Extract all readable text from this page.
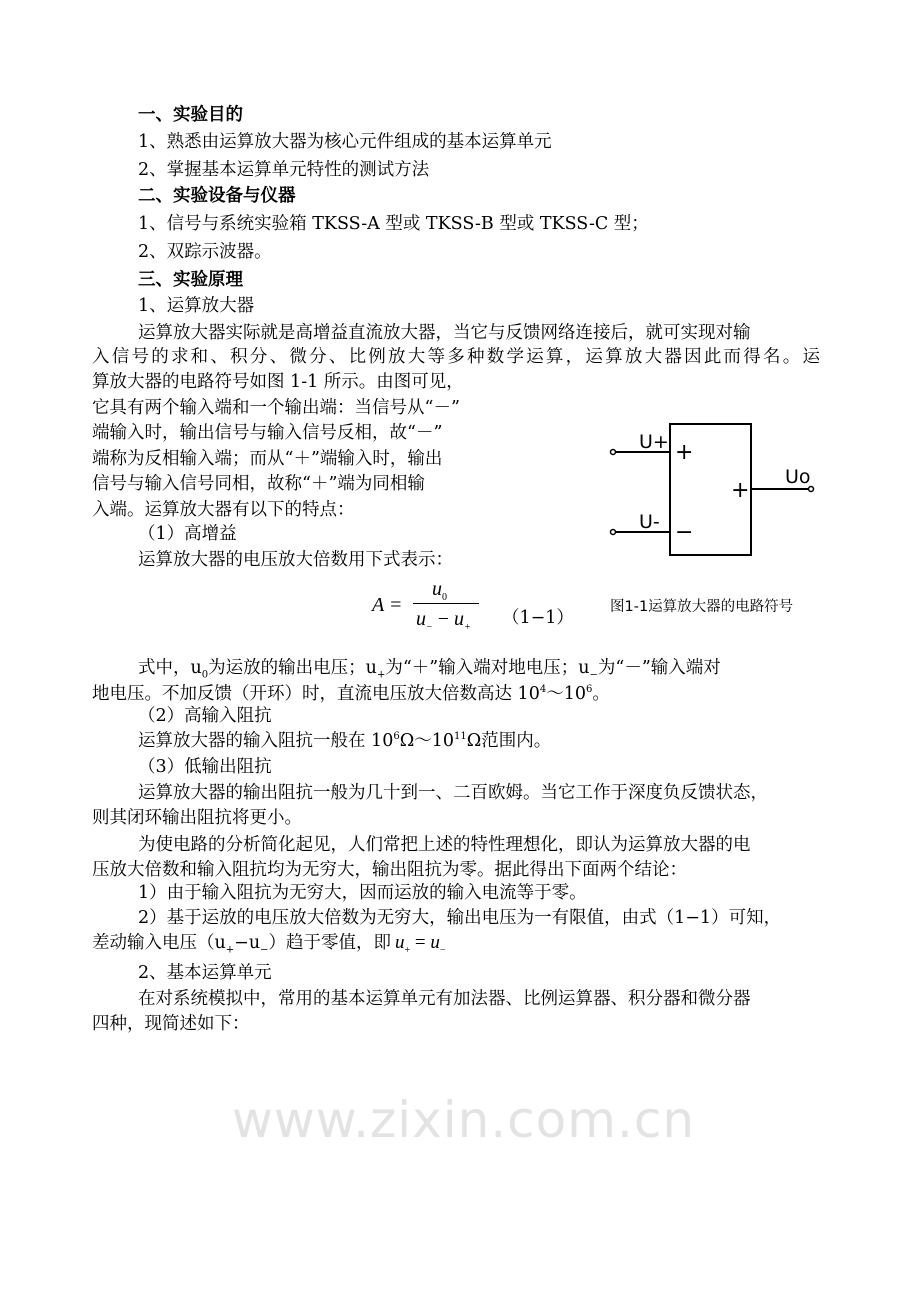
www.zixin.com.cn
一、实验目的
1、熟悉由运算放大器为核心元件组成的基本运算单元
2、掌握基本运算单元特性的测试方法
二、实验设备与仪器
1、信号与系统实验箱 TKSS-A 型或 TKSS-B 型或 TKSS-C 型；
2、双踪示波器。
三、实验原理
1、运算放大器
运算放大器实际就是高增益直流放大器，当它与反馈网络连接后，就可实现对输
入信号的求和、积分、微分、比例放大等多种数学运算，运算放大器因此而得名。运
算放大器的电路符号如图 1-1 所示。由图可见，
它具有两个输入端和一个输出端：当信号从“－”
端输入时，输出信号与输入信号反相，故“－”
端称为反相输入端；而从“＋”端输入时，输出
信号与输入信号同相，故称“＋”端为同相输
入端。运算放大器有以下的特点：
（1）高增益
运算放大器的电压放大倍数用下式表示：
式中，$u_0$为运放的输出电压；$u_+$为“＋”输入端对地电压；$u_-$为“－”输入端对
地电压。不加反馈（开环）时，直流电压放大倍数高达 $10^4\sim 10^6$。
（2）高输入阻抗
运算放大器的输入阻抗一般在 $10^6\Omega\sim 10^{11}\Omega$范围内。
（3）低输出阻抗
运算放大器的输出阻抗一般为几十到一、二百欧姆。当它工作于深度负反馈状态，
则其闭环输出阻抗将更小。
为使电路的分析简化起见，人们常把上述的特性理想化，即认为运算放大器的电
压放大倍数和输入阻抗均为无穷大，输出阻抗为零。据此得出下面两个结论：
1）由于输入阻抗为无穷大，因而运放的输入电流等于零。
2）基于运放的电压放大倍数为无穷大，输出电压为一有限值，由式（1−1）可知，
差动输入电压$(u_+-u_-)$趋于零值，即 $u_+ = u_-$
2、基本运算单元
在对系统模拟中，常用的基本运算单元有加法器、比例运算器、积分器和微分器
四种，现简述如下：
A =
$u_0$
$u_- - u_+$ （1−1）
U+
U-
Uo
+
−
+
图1-1运算放大器的电路符号
